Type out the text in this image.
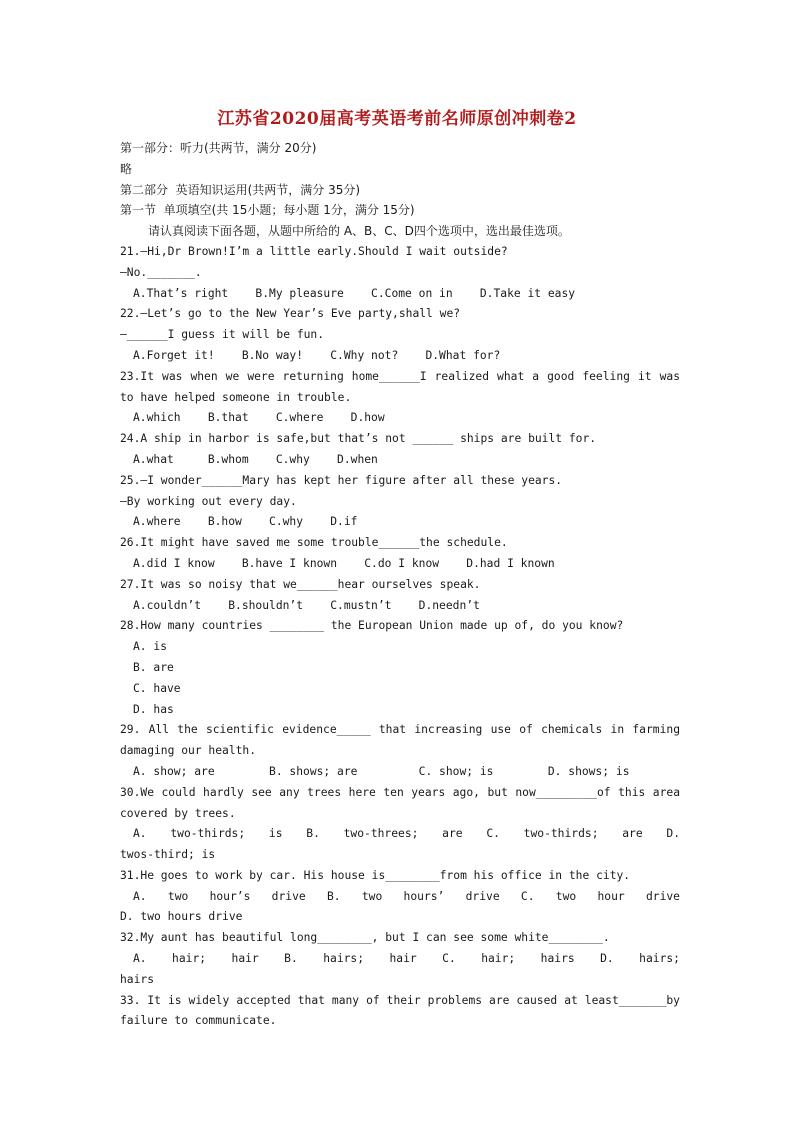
江苏省2020届高考英语考前名师原创冲刺卷2
第一部分：听力(共两节，满分 20分)
略
第二部分  英语知识运用(共两节，满分 35分)
第一节  单项填空(共 15小题；每小题 1分，满分 15分)
请认真阅读下面各题，从题中所给的 A、B、C、D四个选项中，选出最佳选项。
21.—Hi,Dr Brown!I’m a little early.Should I wait outside?
—No._______.
A.That’s right    B.My pleasure    C.Come on in    D.Take it easy
22.—Let’s go to the New Year’s Eve party,shall we?
—______I guess it will be fun.
A.Forget it!    B.No way!    C.Why not?    D.What for?
23.It was when we were returning home______I realized what a good feeling it was
to have helped someone in trouble.
A.which    B.that    C.where    D.how
24.A ship in harbor is safe,but that’s not ______ ships are built for.
A.what     B.whom    C.why    D.when
25.—I wonder______Mary has kept her figure after all these years.
—By working out every day.
A.where    B.how    C.why    D.if
26.It might have saved me some trouble______the schedule.
A.did I know    B.have I known    C.do I know    D.had I known
27.It was so noisy that we______hear ourselves speak.
A.couldn’t    B.shouldn’t    C.mustn’t    D.needn’t
28.How many countries ________ the European Union made up of, do you know?
A. is
B. are
C. have
D. has
29. All the scientific evidence_____ that increasing use of chemicals in farming
damaging our health.
A. show; are        B. shows; are         C. show; is        D. shows; is
30.We could hardly see any trees here ten years ago, but now_________of this area
covered by trees.
A. two-thirds; is B. two-threes; are C. two-thirds; are D.
twos-third; is
31.He goes to work by car. His house is________from his office in the city.
A. two hour’s drive B. two hours’ drive C. two hour drive
D. two hours drive
32.My aunt has beautiful long________, but I can see some white________.
A. hair; hair B. hairs; hair C. hair; hairs D. hairs;
hairs
33. It is widely accepted that many of their problems are caused at least_______by
failure to communicate.
